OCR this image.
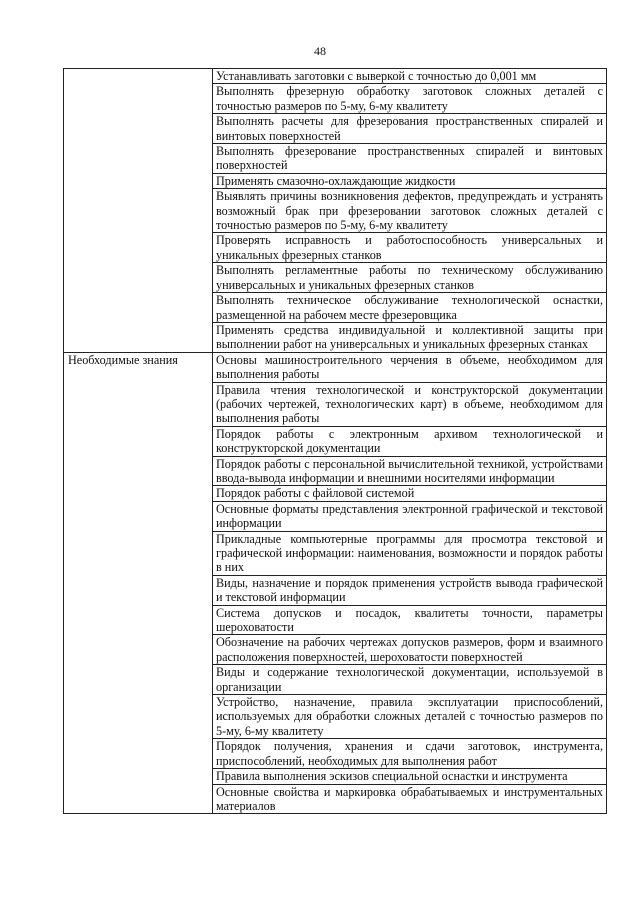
48
	Устанавливать заготовки с выверкой с точностью до 0,001 мм
	Выполнять фрезерную обработку заготовок сложных деталей с точностью размеров по 5-му, 6-му квалитету
	Выполнять расчеты для фрезерования пространственных спиралей и винтовых поверхностей
	Выполнять фрезерование пространственных спиралей и винтовых поверхностей
	Применять смазочно-охлаждающие жидкости
	Выявлять причины возникновения дефектов, предупреждать и устранять возможный брак при фрезеровании заготовок сложных деталей с точностью размеров по 5-му, 6-му квалитету
	Проверять исправность и работоспособность универсальных и уникальных фрезерных станков
	Выполнять регламентные работы по техническому обслуживанию универсальных и уникальных фрезерных станков
	Выполнять техническое обслуживание технологической оснастки, размещенной на рабочем месте фрезеровщика
	Применять средства индивидуальной и коллективной защиты при выполнении работ на универсальных и уникальных фрезерных станках
Необходимые знания	Основы машиностроительного черчения в объеме, необходимом для выполнения работы
	Правила чтения технологической и конструкторской документации (рабочих чертежей, технологических карт) в объеме, необходимом для выполнения работы
	Порядок работы с электронным архивом технологической и конструкторской документации
	Порядок работы с персональной вычислительной техникой, устройствами ввода-вывода информации и внешними носителями информации
	Порядок работы с файловой системой
	Основные форматы представления электронной графической и текстовой информации
	Прикладные компьютерные программы для просмотра текстовой и графической информации: наименования, возможности и порядок работы в них
	Виды, назначение и порядок применения устройств вывода графической и текстовой информации
	Система допусков и посадок, квалитеты точности, параметры шероховатости
	Обозначение на рабочих чертежах допусков размеров, форм и взаимного расположения поверхностей, шероховатости поверхностей
	Виды и содержание технологической документации, используемой в организации
	Устройство, назначение, правила эксплуатации приспособлений, используемых для обработки сложных деталей с точностью размеров по 5-му, 6-му квалитету
	Порядок получения, хранения и сдачи заготовок, инструмента, приспособлений, необходимых для выполнения работ
	Правила выполнения эскизов специальной оснастки и инструмента
	Основные свойства и маркировка обрабатываемых и инструментальных материалов
